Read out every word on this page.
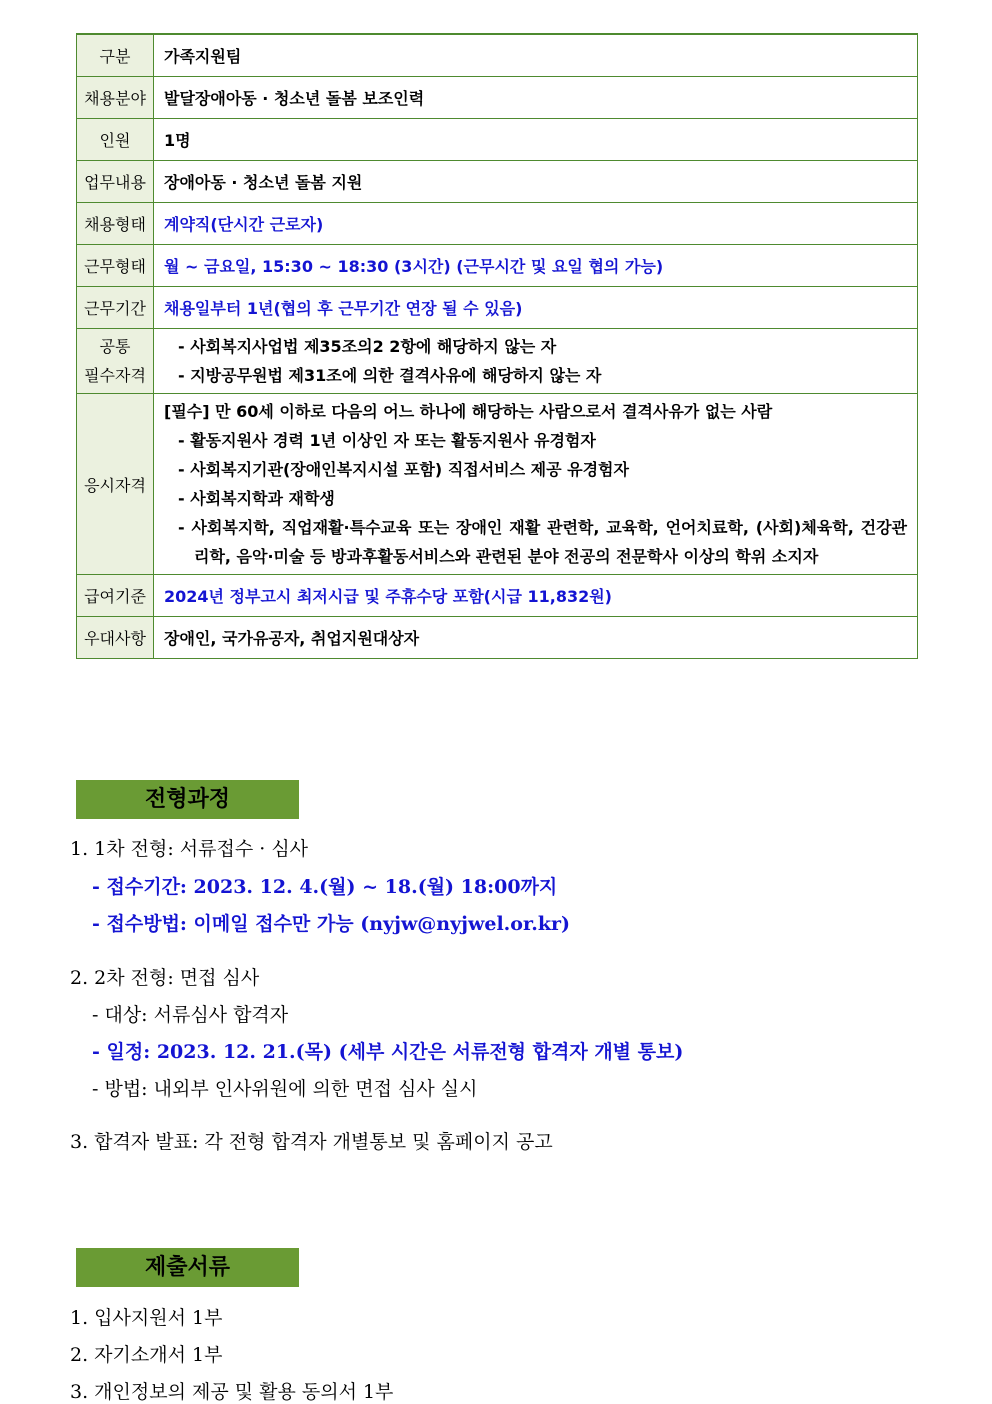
구분	가족지원팀
채용분야	발달장애아동 · 청소년 돌봄 보조인력
인원	1명
업무내용	장애아동 · 청소년 돌봄 지원
채용형태	계약직(단시간 근로자)
근무형태	월 ~ 금요일, 15:30 ~ 18:30 (3시간) (근무시간 및 요일 협의 가능)
근무기간	채용일부터 1년(협의 후 근무기간 연장 될 수 있음)

공통
필수자격	- 사회복지사업법 제35조의2 2항에 해당하지 않는 자
- 지방공무원법 제31조에 의한 결격사유에 해당하지 않는 자

응시자격	[필수] 만 60세 이하로 다음의 어느 하나에 해당하는 사람으로서 결격사유가 없는 사람
- 활동지원사 경력 1년 이상인 자 또는 활동지원사 유경험자
- 사회복지기관(장애인복지시설 포함) 직접서비스 제공 유경험자
- 사회복지학과 재학생
- 사회복지학, 직업재활·특수교육 또는 장애인 재활 관련학, 교육학, 언어치료학, (사회)체육학, 건강관리학, 음악·미술 등 방과후활동서비스와 관련된 분야 전공의 전문학사 이상의 학위 소지자

급여기준	2024년 정부고시 최저시급 및 주휴수당 포함(시급 11,832원)
우대사항	장애인, 국가유공자, 취업지원대상자
전형과정
1. 1차 전형: 서류접수 · 심사
- 접수기간: 2023. 12. 4.(월) ~ 18.(월) 18:00까지
- 접수방법: 이메일 접수만 가능 (nyjw@nyjwel.or.kr)
2. 2차 전형: 면접 심사
- 대상: 서류심사 합격자
- 일정: 2023. 12. 21.(목) (세부 시간은 서류전형 합격자 개별 통보)
- 방법: 내외부 인사위원에 의한 면접 심사 실시
3. 합격자 발표: 각 전형 합격자 개별통보 및 홈페이지 공고
제출서류
1. 입사지원서 1부
2. 자기소개서 1부
3. 개인정보의 제공 및 활용 동의서 1부
